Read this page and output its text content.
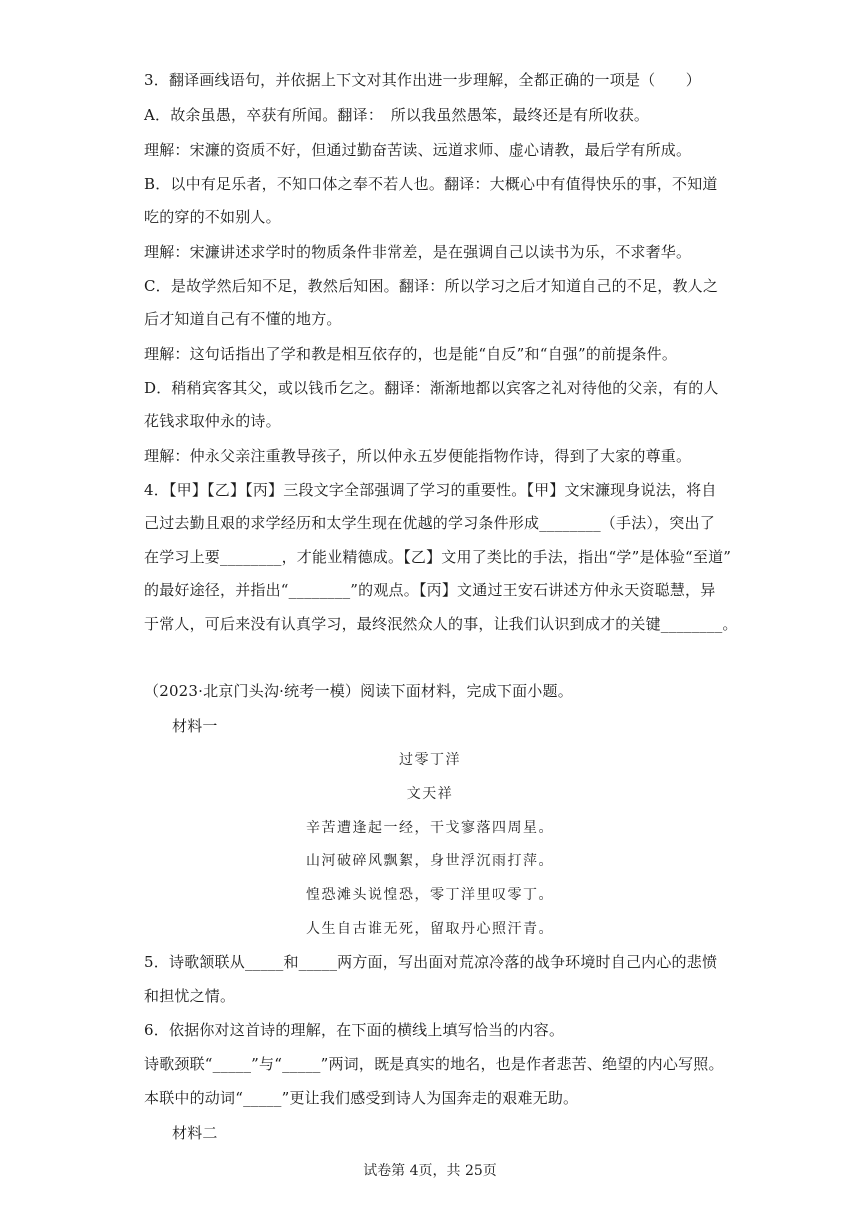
3．翻译画线语句，并依据上下文对其作出进一步理解，全都正确的一项是（　　）
A．故余虽愚，卒获有所闻。翻译：　所以我虽然愚笨，最终还是有所收获。
理解：宋濂的资质不好，但通过勤奋苦读、远道求师、虚心请教，最后学有所成。
B．以中有足乐者，不知口体之奉不若人也。翻译：大概心中有值得快乐的事，不知道
吃的穿的不如别人。
理解：宋濂讲述求学时的物质条件非常差，是在强调自己以读书为乐，不求奢华。
C．是故学然后知不足，教然后知困。翻译：所以学习之后才知道自己的不足，教人之
后才知道自己有不懂的地方。
理解：这句话指出了学和教是相互依存的，也是能“自反”和“自强”的前提条件。
D．稍稍宾客其父，或以钱币乞之。翻译：渐渐地都以宾客之礼对待他的父亲，有的人
花钱求取仲永的诗。
理解：仲永父亲注重教导孩子，所以仲永五岁便能指物作诗，得到了大家的尊重。
4．【甲】【乙】【丙】三段文字全部强调了学习的重要性。【甲】文宋濂现身说法，将自
己过去勤且艰的求学经历和太学生现在优越的学习条件形成________（手法），突出了
在学习上要________，才能业精德成。【乙】文用了类比的手法，指出“学”是体验“至道”
的最好途径，并指出“________”的观点。【丙】文通过王安石讲述方仲永天资聪慧，异
于常人，可后来没有认真学习，最终泯然众人的事，让我们认识到成才的关键________。
（2023·北京门头沟·统考一模）阅读下面材料，完成下面小题。
材料一
过零丁洋
文天祥
辛苦遭逢起一经，干戈寥落四周星。
山河破碎风飘絮，身世浮沉雨打萍。
惶恐滩头说惶恐，零丁洋里叹零丁。
人生自古谁无死，留取丹心照汗青。
5．诗歌颔联从_____和_____两方面，写出面对荒凉冷落的战争环境时自己内心的悲愤
和担忧之情。
6．依据你对这首诗的理解，在下面的横线上填写恰当的内容。
诗歌颈联“_____”与“_____”两词，既是真实的地名，也是作者悲苦、绝望的内心写照。
本联中的动词“_____”更让我们感受到诗人为国奔走的艰难无助。
材料二
试卷第 4页，共 25页
